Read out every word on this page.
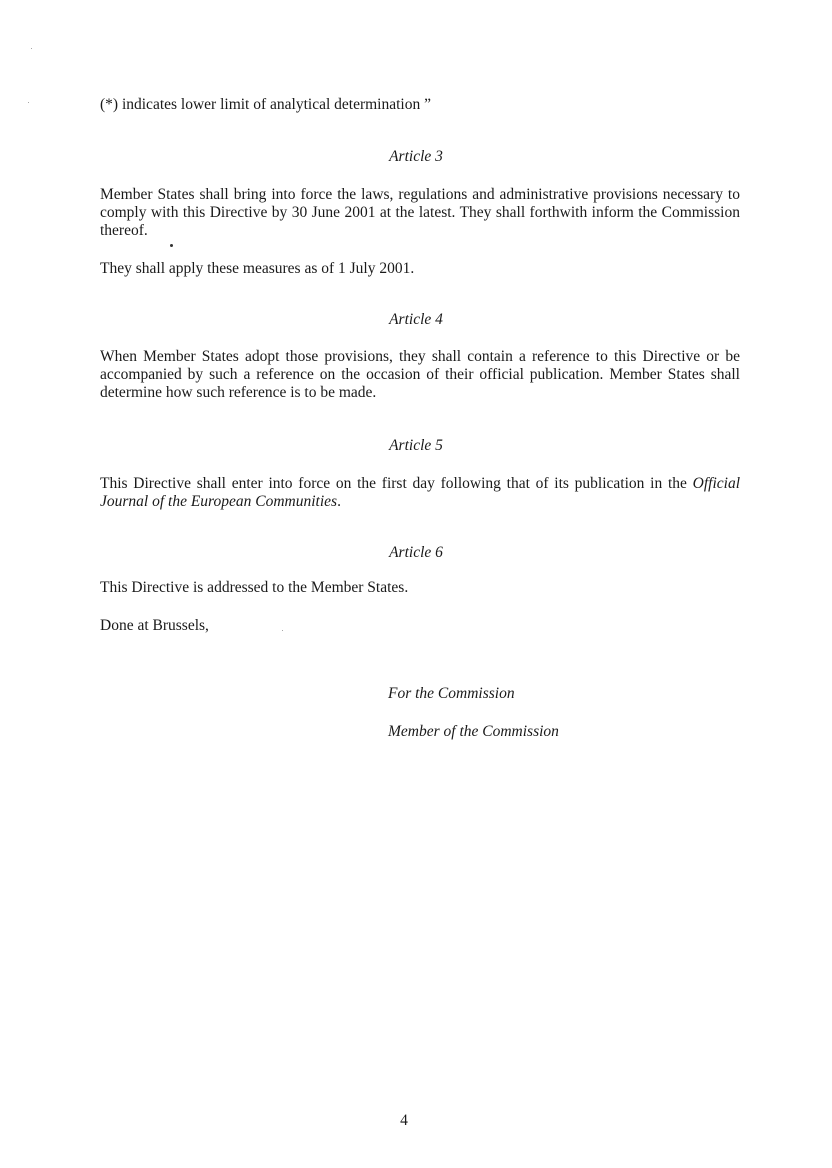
(*) indicates lower limit of analytical determination ”

Article 3

Member States shall bring into force the laws, regulations and administrative provisions necessary to comply with this Directive by 30 June 2001 at the latest. They shall forthwith inform the Commission thereof.

They shall apply these measures as of 1 July 2001.

Article 4

When Member States adopt those provisions, they shall contain a reference to this Directive or be accompanied by such a reference on the occasion of their official publication. Member States shall determine how such reference is to be made.

Article 5

This Directive shall enter into force on the first day following that of its publication in the Official Journal of the European Communities.

Article 6

This Directive is addressed to the Member States.

Done at Brussels,

For the Commission

Member of the Commission

4
